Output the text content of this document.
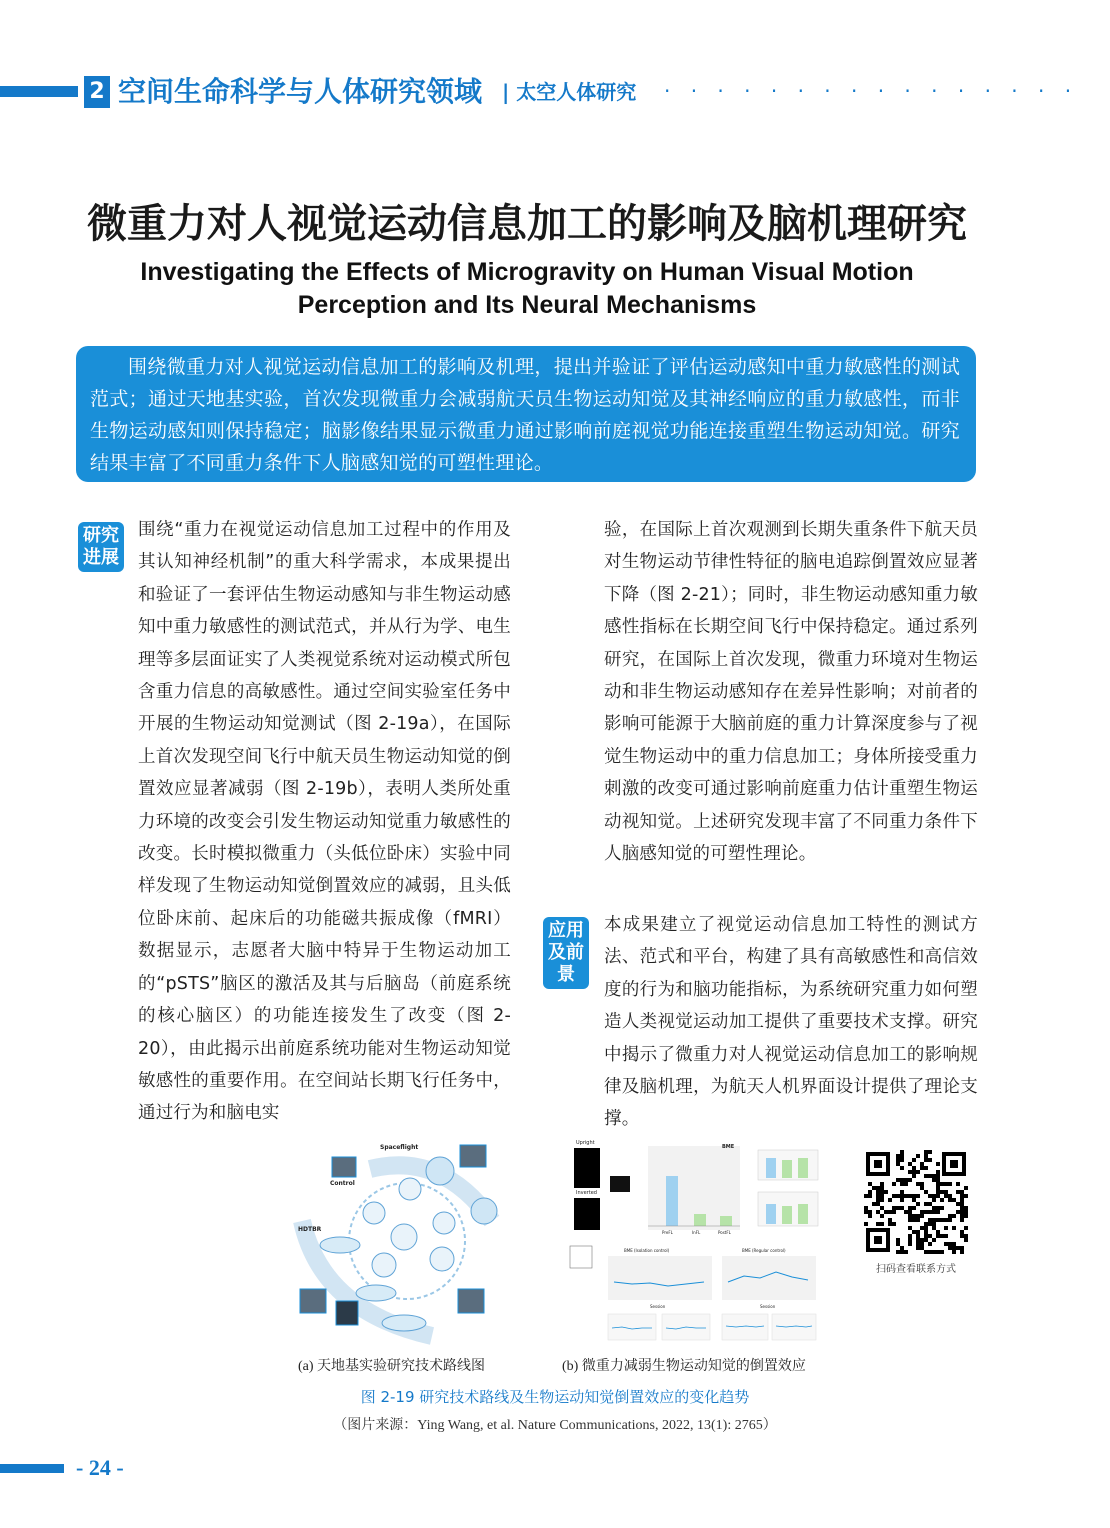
2 空间生命科学与人体研究领域 | 太空人体研究 · · · · · · · · · · · · · · · ·
微重力对人视觉运动信息加工的影响及脑机理研究
Investigating the Effects of Microgravity on Human Visual Motion
Perception and Its Neural Mechanisms
围绕微重力对人视觉运动信息加工的影响及机理，提出并验证了评估运动感知中重力敏感性的测试范式；通过天地基实验，首次发现微重力会减弱航天员生物运动知觉及其神经响应的重力敏感性，而非生物运动感知则保持稳定；脑影像结果显示微重力通过影响前庭视觉功能连接重塑生物运动知觉。研究结果丰富了不同重力条件下人脑感知觉的可塑性理论。
研究进展
围绕“重力在视觉运动信息加工过程中的作用及其认知神经机制”的重大科学需求，本成果提出和验证了一套评估生物运动感知与非生物运动感知中重力敏感性的测试范式，并从行为学、电生理等多层面证实了人类视觉系统对运动模式所包含重力信息的高敏感性。通过空间实验室任务中开展的生物运动知觉测试（图 2-19a），在国际上首次发现空间飞行中航天员生物运动知觉的倒置效应显著减弱（图 2-19b），表明人类所处重力环境的改变会引发生物运动知觉重力敏感性的改变。长时模拟微重力（头低位卧床）实验中同样发现了生物运动知觉倒置效应的减弱，且头低位卧床前、起床后的功能磁共振成像（fMRI）数据显示，志愿者大脑中特异于生物运动加工的“pSTS”脑区的激活及其与后脑岛（前庭系统的核心脑区）的功能连接发生了改变（图 2-20），由此揭示出前庭系统功能对生物运动知觉敏感性的重要作用。在空间站长期飞行任务中，通过行为和脑电实
验，在国际上首次观测到长期失重条件下航天员对生物运动节律性特征的脑电追踪倒置效应显著下降（图 2-21）；同时，非生物运动感知重力敏感性指标在长期空间飞行中保持稳定。通过系列研究，在国际上首次发现，微重力环境对生物运动和非生物运动感知存在差异性影响；对前者的影响可能源于大脑前庭的重力计算深度参与了视觉生物运动中的重力信息加工；身体所接受重力刺激的改变可通过影响前庭重力估计重塑生物运动视知觉。上述研究发现丰富了不同重力条件下人脑感知觉的可塑性理论。
应用及前景
本成果建立了视觉运动信息加工特性的测试方法、范式和平台，构建了具有高敏感性和高信效度的行为和脑功能指标，为系统研究重力如何塑造人类视觉运动加工提供了重要技术支撑。研究中揭示了微重力对人视觉运动信息加工的影响规律及脑机理，为航天人机界面设计提供了理论支撑。
Spaceflight
Control
HDTBR
Upright
Inverted
BME
PreFL	InFL	PostFL
BME (Isolation control)
Session
BME (Regular control)
Session
扫码查看联系方式
(a) 天地基实验研究技术路线图	(b) 微重力减弱生物运动知觉的倒置效应
图 2-19 研究技术路线及生物运动知觉倒置效应的变化趋势
（图片来源：Ying Wang, et al. Nature Communications, 2022, 13(1): 2765）
- 24 -
